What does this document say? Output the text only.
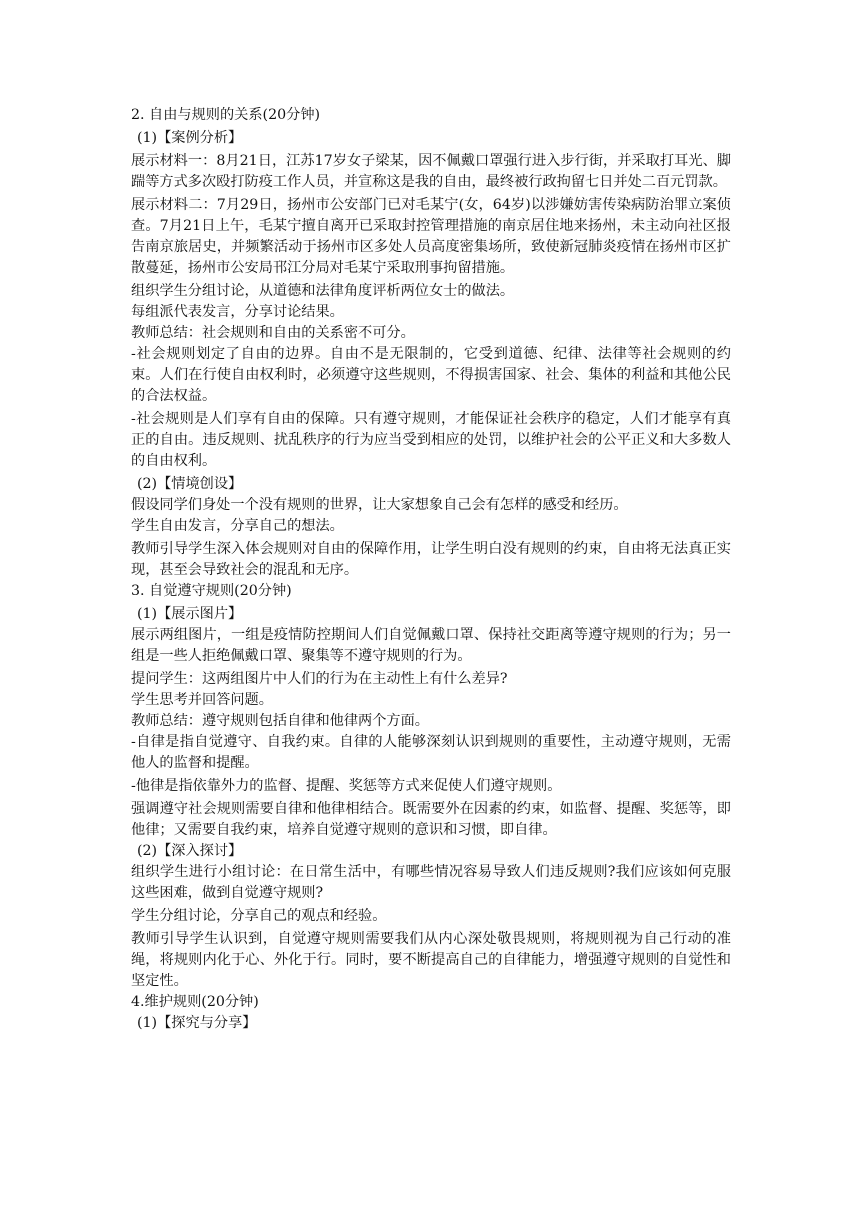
2. 自由与规则的关系(20分钟)

(1)【案例分析】

展示材料一：8月21日，江苏17岁女子梁某，因不佩戴口罩强行进入步行街，并采取打耳光、脚踹等方式多次殴打防疫工作人员，并宣称这是我的自由，最终被行政拘留七日并处二百元罚款。

展示材料二：7月29日，扬州市公安部门已对毛某宁(女，64岁)以涉嫌妨害传染病防治罪立案侦查。7月21日上午，毛某宁擅自离开已采取封控管理措施的南京居住地来扬州，未主动向社区报告南京旅居史，并频繁活动于扬州市区多处人员高度密集场所，致使新冠肺炎疫情在扬州市区扩散蔓延，扬州市公安局邗江分局对毛某宁采取刑事拘留措施。

组织学生分组讨论，从道德和法律角度评析两位女士的做法。

每组派代表发言，分享讨论结果。

教师总结：社会规则和自由的关系密不可分。

-社会规则划定了自由的边界。自由不是无限制的，它受到道德、纪律、法律等社会规则的约束。人们在行使自由权利时，必须遵守这些规则，不得损害国家、社会、集体的利益和其他公民的合法权益。

-社会规则是人们享有自由的保障。只有遵守规则，才能保证社会秩序的稳定，人们才能享有真正的自由。违反规则、扰乱秩序的行为应当受到相应的处罚，以维护社会的公平正义和大多数人的自由权利。

(2)【情境创设】

假设同学们身处一个没有规则的世界，让大家想象自己会有怎样的感受和经历。

学生自由发言，分享自己的想法。

教师引导学生深入体会规则对自由的保障作用，让学生明白没有规则的约束，自由将无法真正实现，甚至会导致社会的混乱和无序。

3. 自觉遵守规则(20分钟)

(1)【展示图片】

展示两组图片，一组是疫情防控期间人们自觉佩戴口罩、保持社交距离等遵守规则的行为；另一组是一些人拒绝佩戴口罩、聚集等不遵守规则的行为。

提问学生：这两组图片中人们的行为在主动性上有什么差异?

学生思考并回答问题。

教师总结：遵守规则包括自律和他律两个方面。

-自律是指自觉遵守、自我约束。自律的人能够深刻认识到规则的重要性，主动遵守规则，无需他人的监督和提醒。

-他律是指依靠外力的监督、提醒、奖惩等方式来促使人们遵守规则。

强调遵守社会规则需要自律和他律相结合。既需要外在因素的约束，如监督、提醒、奖惩等，即他律；又需要自我约束，培养自觉遵守规则的意识和习惯，即自律。

(2)【深入探讨】

组织学生进行小组讨论：在日常生活中，有哪些情况容易导致人们违反规则?我们应该如何克服这些困难，做到自觉遵守规则?

学生分组讨论，分享自己的观点和经验。

教师引导学生认识到，自觉遵守规则需要我们从内心深处敬畏规则，将规则视为自己行动的准绳，将规则内化于心、外化于行。同时，要不断提高自己的自律能力，增强遵守规则的自觉性和坚定性。

4.维护规则(20分钟)

(1)【探究与分享】
